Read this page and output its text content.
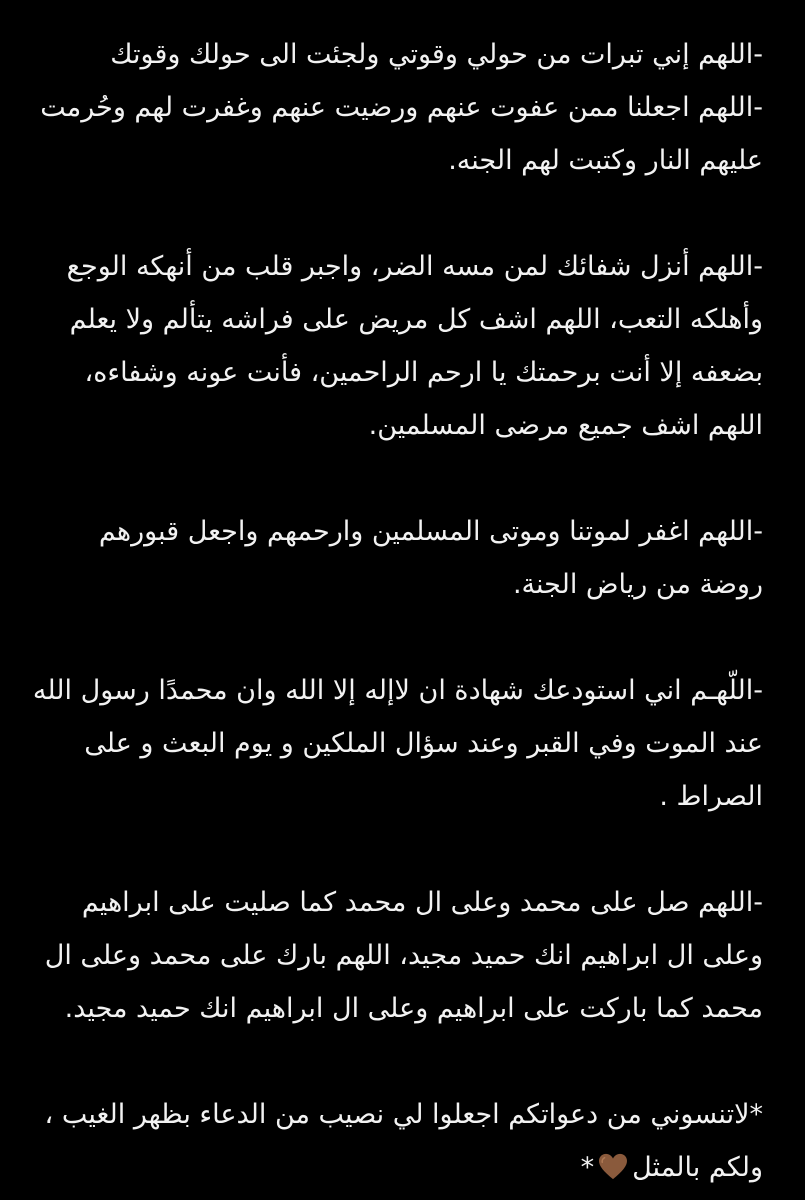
-اللهم إني تبرات من حولي وقوتي ولجئت الى حولك وقوتك
-اللهم اجعلنا ممن عفوت عنهم ورضيت عنهم وغفرت لهم وحُرمت عليهم النار وكتبت لهم الجنه.

-اللهم أنزل شفائك لمن مسه الضر، واجبر قلب من أنهكه الوجع وأهلكه التعب، اللهم اشف كل مريض على فراشه يتألم ولا يعلم بضعفه إلا أنت برحمتك يا ارحم الراحمين، فأنت عونه وشفاءه، اللهم اشف جميع مرضى المسلمين.

-اللهم اغفر لموتنا وموتى المسلمين وارحمهم واجعل قبورهم روضة من رياض الجنة.

-اللّهـم اني استودعك شهادة ان لاإله إلا الله وان محمدًا رسول الله عند الموت وفي القبر وعند سؤال الملكين و يوم البعث و على الصراط .

-اللهم صل على محمد وعلى ال محمد كما صليت على ابراهيم وعلى ال ابراهيم انك حميد مجيد، اللهم بارك على محمد وعلى ال محمد كما باركت على ابراهيم وعلى ال ابراهيم انك حميد مجيد.

*لاتنسوني من دعواتكم اجعلوا لي نصيب من الدعاء بظهر الغيب ، ولكم بالمثل*
